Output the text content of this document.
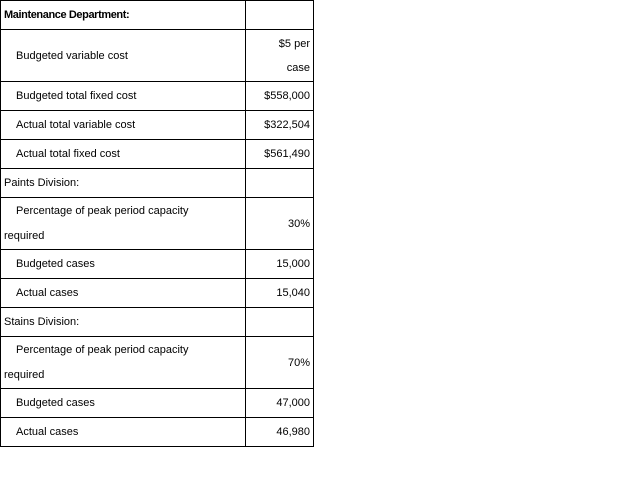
Maintenance Department:	
Budgeted variable cost	$5 per
case
Budgeted total fixed cost	$558,000
Actual total variable cost	$322,504
Actual total fixed cost	$561,490
Paints Division:	
Percentage of peak period capacity
required	30%
Budgeted cases	15,000
Actual cases	15,040
Stains Division:	
Percentage of peak period capacity
required	70%
Budgeted cases	47,000
Actual cases	46,980
